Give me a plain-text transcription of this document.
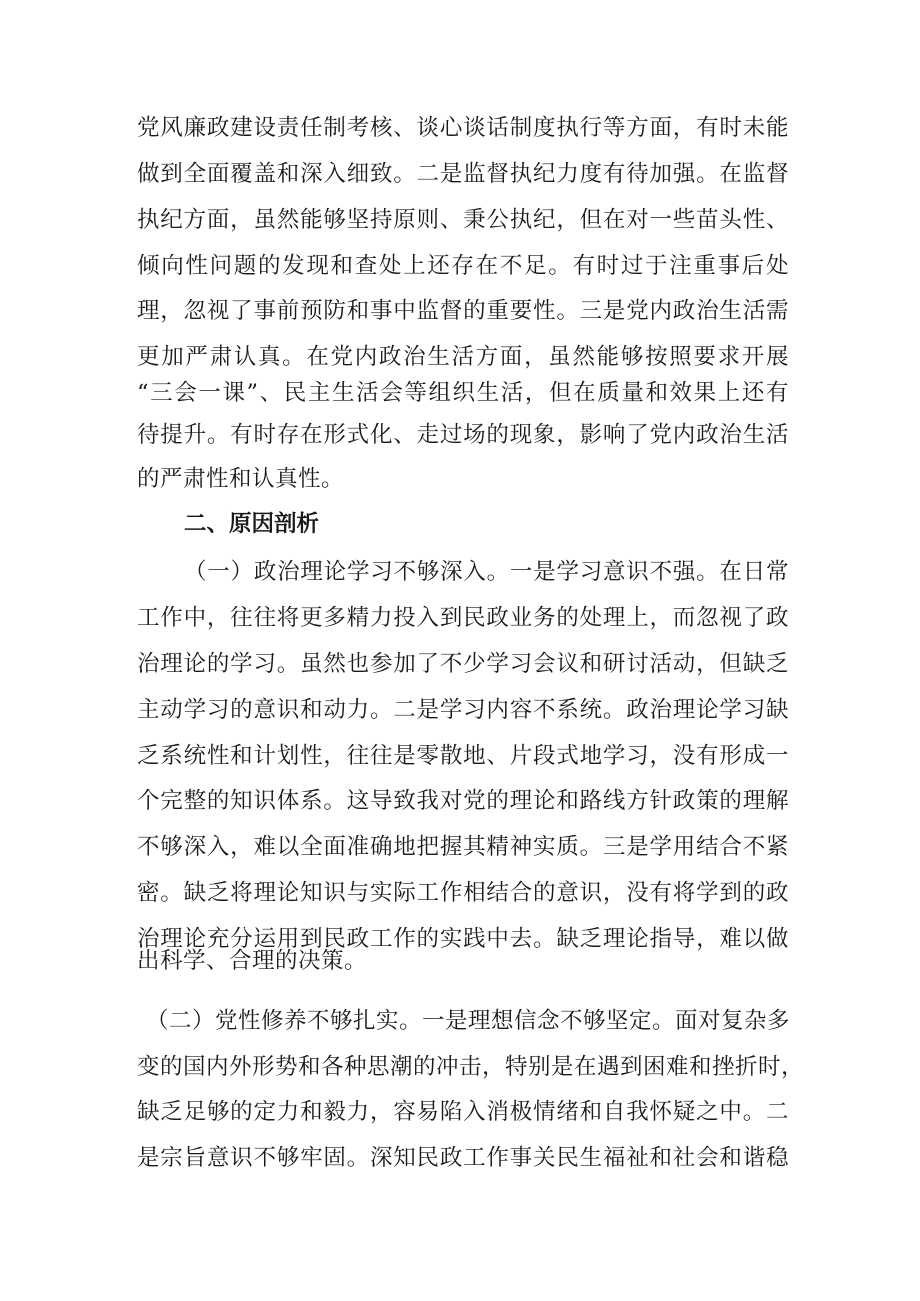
党风廉政建设责任制考核、谈心谈话制度执行等方面，有时未能
做到全面覆盖和深入细致。二是监督执纪力度有待加强。在监督
执纪方面，虽然能够坚持原则、秉公执纪，但在对一些苗头性、
倾向性问题的发现和查处上还存在不足。有时过于注重事后处
理，忽视了事前预防和事中监督的重要性。三是党内政治生活需
更加严肃认真。在党内政治生活方面，虽然能够按照要求开展
“三会一课”、民主生活会等组织生活，但在质量和效果上还有
待提升。有时存在形式化、走过场的现象，影响了党内政治生活
的严肃性和认真性。
二、原因剖析
（一）政治理论学习不够深入。一是学习意识不强。在日常
工作中，往往将更多精力投入到民政业务的处理上，而忽视了政
治理论的学习。虽然也参加了不少学习会议和研讨活动，但缺乏
主动学习的意识和动力。二是学习内容不系统。政治理论学习缺
乏系统性和计划性，往往是零散地、片段式地学习，没有形成一
个完整的知识体系。这导致我对党的理论和路线方针政策的理解
不够深入，难以全面准确地把握其精神实质。三是学用结合不紧
密。缺乏将理论知识与实际工作相结合的意识，没有将学到的政
治理论充分运用到民政工作的实践中去。缺乏理论指导，难以做
出科学、合理的决策。
（二）党性修养不够扎实。一是理想信念不够坚定。面对复杂多
变的国内外形势和各种思潮的冲击，特别是在遇到困难和挫折时，
缺乏足够的定力和毅力，容易陷入消极情绪和自我怀疑之中。二
是宗旨意识不够牢固。深知民政工作事关民生福祉和社会和谐稳
